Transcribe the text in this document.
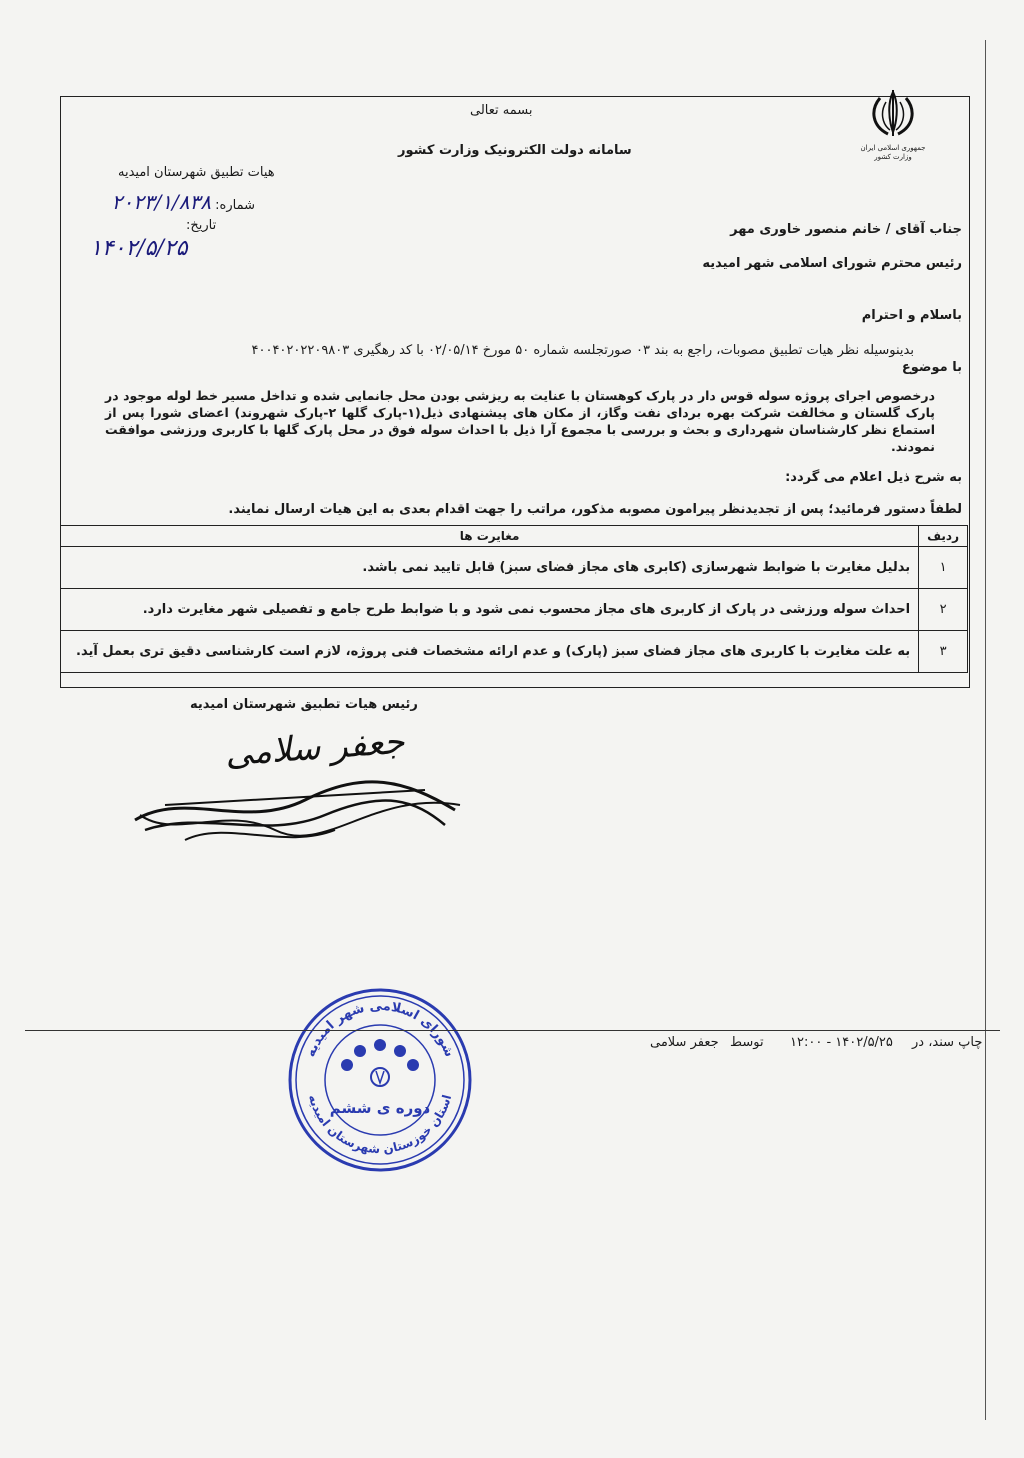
بسمه تعالی
سامانه دولت الکترونیک وزارت کشور	جمهوری اسلامی ایران
وزارت کشور
هیات تطبیق شهرستان امیدیه
شماره: ۲۰۲۳/۱/۸۳۸
تاریخ:
۱۴۰۲/۵/۲۵
جناب آقای / خانم منصور خاوری مهر
رئیس محترم شورای اسلامی شهر امیدیه
باسلام و احترام
بدینوسیله نظر هیات تطبیق مصوبات، راجع به بند ۰۳ صورتجلسه شماره ۵۰ مورخ ۰۲/۰۵/۱۴ با کد رهگیری ۴۰۰۴۰۲۰۲۲۰۹۸۰۳
با موضوع
درخصوص اجرای پروژه سوله قوس دار در پارک کوهستان با عنایت به ریزشی بودن محل جانمایی شده و تداخل مسیر خط لوله موجود در پارک گلستان و مخالفت شرکت بهره بردای نفت وگاز، از مکان های پیشنهادی ذیل(۱-پارک گلها ۲-پارک شهروند) اعضای شورا پس از استماع نظر کارشناسان شهرداری و بحث و بررسی با مجموع آرا ذیل با احداث سوله فوق در محل پارک گلها با کاربری ورزشی موافقت نمودند.
به شرح ذیل اعلام می گردد:
لطفاً دستور فرمائید؛ پس از تجدیدنظر پیرامون مصوبه مذکور، مراتب را جهت اقدام بعدی به این هیات ارسال نمایند.
ردیف	مغایرت ها
۱	بدلیل مغایرت با ضوابط شهرسازی (کابری های مجاز فضای سبز) قابل تایید نمی باشد.
۲	احداث سوله ورزشی در پارک از کاربری های مجاز محسوب نمی شود و با ضوابط طرح جامع و تفصیلی شهر مغایرت دارد.
۳	به علت مغایرت با کاربری های مجاز فضای سبز (پارک) و عدم ارائه مشخصات فنی پروژه، لازم است کارشناسی دقیق تری بعمل آید.
رئیس هیات تطبیق شهرستان امیدیه
جعفر سلامی
شورای اسلامی شهر امیدیه
استان خوزستان شهرستان امیدیه
دوره ی ششم
چاپ سند، در
۱۲:۰۰ - ۱۴۰۲/۵/۲۵
توسط
جعفر سلامی
